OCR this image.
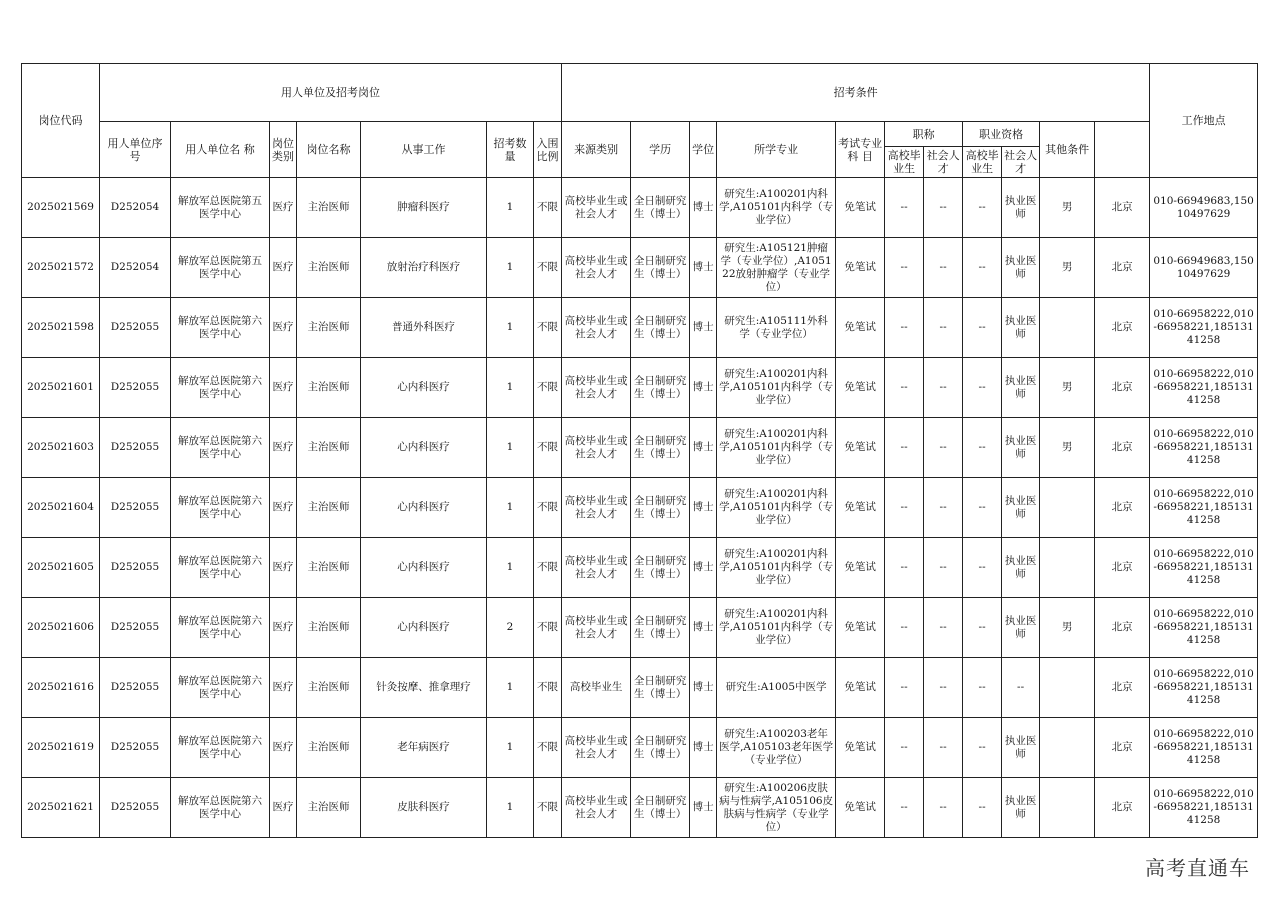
岗位代码	用人单位及招考岗位							招考条件											工作地点	
	用人单位序 号	用人单位名 称	岗位类别	岗位名称	从事工作	招考数量	入围比例	来源类别	学历	学位	所学专业	考试专业科 目	职称		职业资格		其他条件			
													高校毕业生	社会人才	高校毕业生	社会人才				
2025021569	D252054	解放军总医院第五医学中心	医疗	主治医师	肿瘤科医疗	1	不限	高校毕业生或社会人才	全日制研究生（博士）	博士	研究生:A100201内科学,A105101内科学（专业学位）	免笔试	--	--	--	执业医师	男	北京	010-66949683,15010497629	
2025021572	D252054	解放军总医院第五医学中心	医疗	主治医师	放射治疗科医疗	1	不限	高校毕业生或社会人才	全日制研究生（博士）	博士	研究生:A105121肿瘤学（专业学位）,A105122放射肿瘤学（专业学位）	免笔试	--	--	--	执业医师	男	北京	010-66949683,15010497629	
2025021598	D252055	解放军总医院第六医学中心	医疗	主治医师	普通外科医疗	1	不限	高校毕业生或社会人才	全日制研究生（博士）	博士	研究生:A105111外科学（专业学位）	免笔试	--	--	--	执业医师		北京	010-66958222,010-66958221,18513141258	
2025021601	D252055	解放军总医院第六医学中心	医疗	主治医师	心内科医疗	1	不限	高校毕业生或社会人才	全日制研究生（博士）	博士	研究生:A100201内科学,A105101内科学（专业学位）	免笔试	--	--	--	执业医师	男	北京	010-66958222,010-66958221,18513141258	
2025021603	D252055	解放军总医院第六医学中心	医疗	主治医师	心内科医疗	1	不限	高校毕业生或社会人才	全日制研究生（博士）	博士	研究生:A100201内科学,A105101内科学（专业学位）	免笔试	--	--	--	执业医师	男	北京	010-66958222,010-66958221,18513141258	
2025021604	D252055	解放军总医院第六医学中心	医疗	主治医师	心内科医疗	1	不限	高校毕业生或社会人才	全日制研究生（博士）	博士	研究生:A100201内科学,A105101内科学（专业学位）	免笔试	--	--	--	执业医师		北京	010-66958222,010-66958221,18513141258	
2025021605	D252055	解放军总医院第六医学中心	医疗	主治医师	心内科医疗	1	不限	高校毕业生或社会人才	全日制研究生（博士）	博士	研究生:A100201内科学,A105101内科学（专业学位）	免笔试	--	--	--	执业医师		北京	010-66958222,010-66958221,18513141258	
2025021606	D252055	解放军总医院第六医学中心	医疗	主治医师	心内科医疗	2	不限	高校毕业生或社会人才	全日制研究生（博士）	博士	研究生:A100201内科学,A105101内科学（专业学位）	免笔试	--	--	--	执业医师	男	北京	010-66958222,010-66958221,18513141258	
2025021616	D252055	解放军总医院第六医学中心	医疗	主治医师	针灸按摩、推拿理疗	1	不限	高校毕业生	全日制研究生（博士）	博士	研究生:A1005中医学	免笔试	--	--	--	--		北京	010-66958222,010-66958221,18513141258	
2025021619	D252055	解放军总医院第六医学中心	医疗	主治医师	老年病医疗	1	不限	高校毕业生或社会人才	全日制研究生（博士）	博士	研究生:A100203老年医学,A105103老年医学（专业学位）	免笔试	--	--	--	执业医师		北京	010-66958222,010-66958221,18513141258	
2025021621	D252055	解放军总医院第六医学中心	医疗	主治医师	皮肤科医疗	1	不限	高校毕业生或社会人才	全日制研究生（博士）	博士	研究生:A100206皮肤病与性病学,A105106皮肤病与性病学（专业学位）	免笔试	--	--	--	执业医师		北京	010-66958222,010-66958221,18513141258	
高考直通车
